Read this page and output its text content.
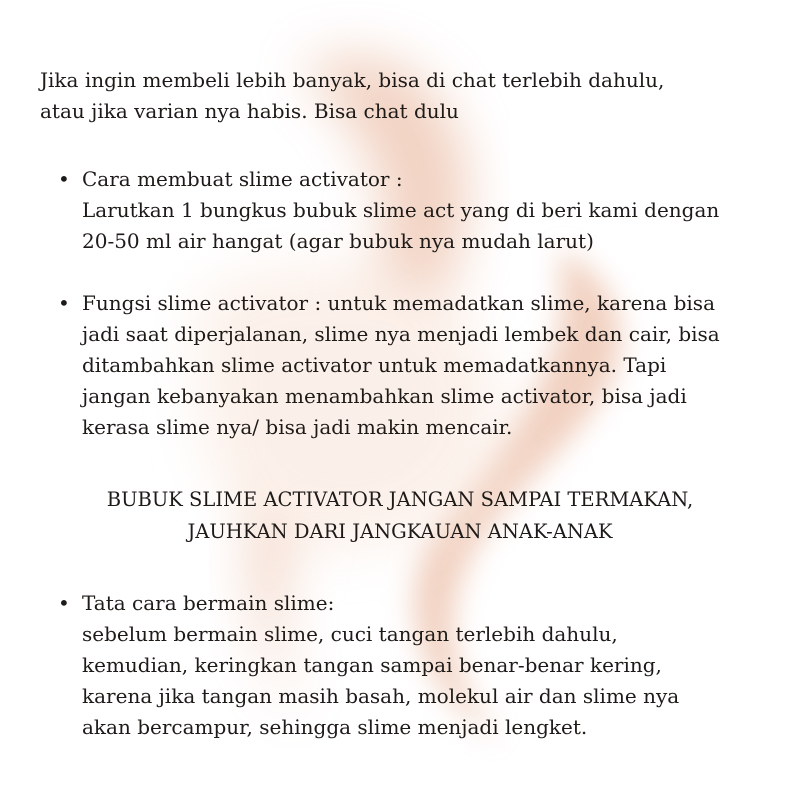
Jika ingin membeli lebih banyak, bisa di chat terlebih dahulu,
atau jika varian nya habis. Bisa chat dulu

• Cara membuat slime activator :
Larutkan 1 bungkus bubuk slime act yang di beri kami dengan
20-50 ml air hangat (agar bubuk nya mudah larut)
• Fungsi slime activator : untuk memadatkan slime, karena bisa
jadi saat diperjalanan, slime nya menjadi lembek dan cair, bisa
ditambahkan slime activator untuk memadatkannya. Tapi
jangan kebanyakan menambahkan slime activator, bisa jadi
kerasa slime nya/ bisa jadi makin mencair.
BUBUK SLIME ACTIVATOR JANGAN SAMPAI TERMAKAN,
JAUHKAN DARI JANGKAUAN ANAK-ANAK
• Tata cara bermain slime:
sebelum bermain slime, cuci tangan terlebih dahulu,
kemudian, keringkan tangan sampai benar-benar kering,
karena jika tangan masih basah, molekul air dan slime nya
akan bercampur, sehingga slime menjadi lengket.
